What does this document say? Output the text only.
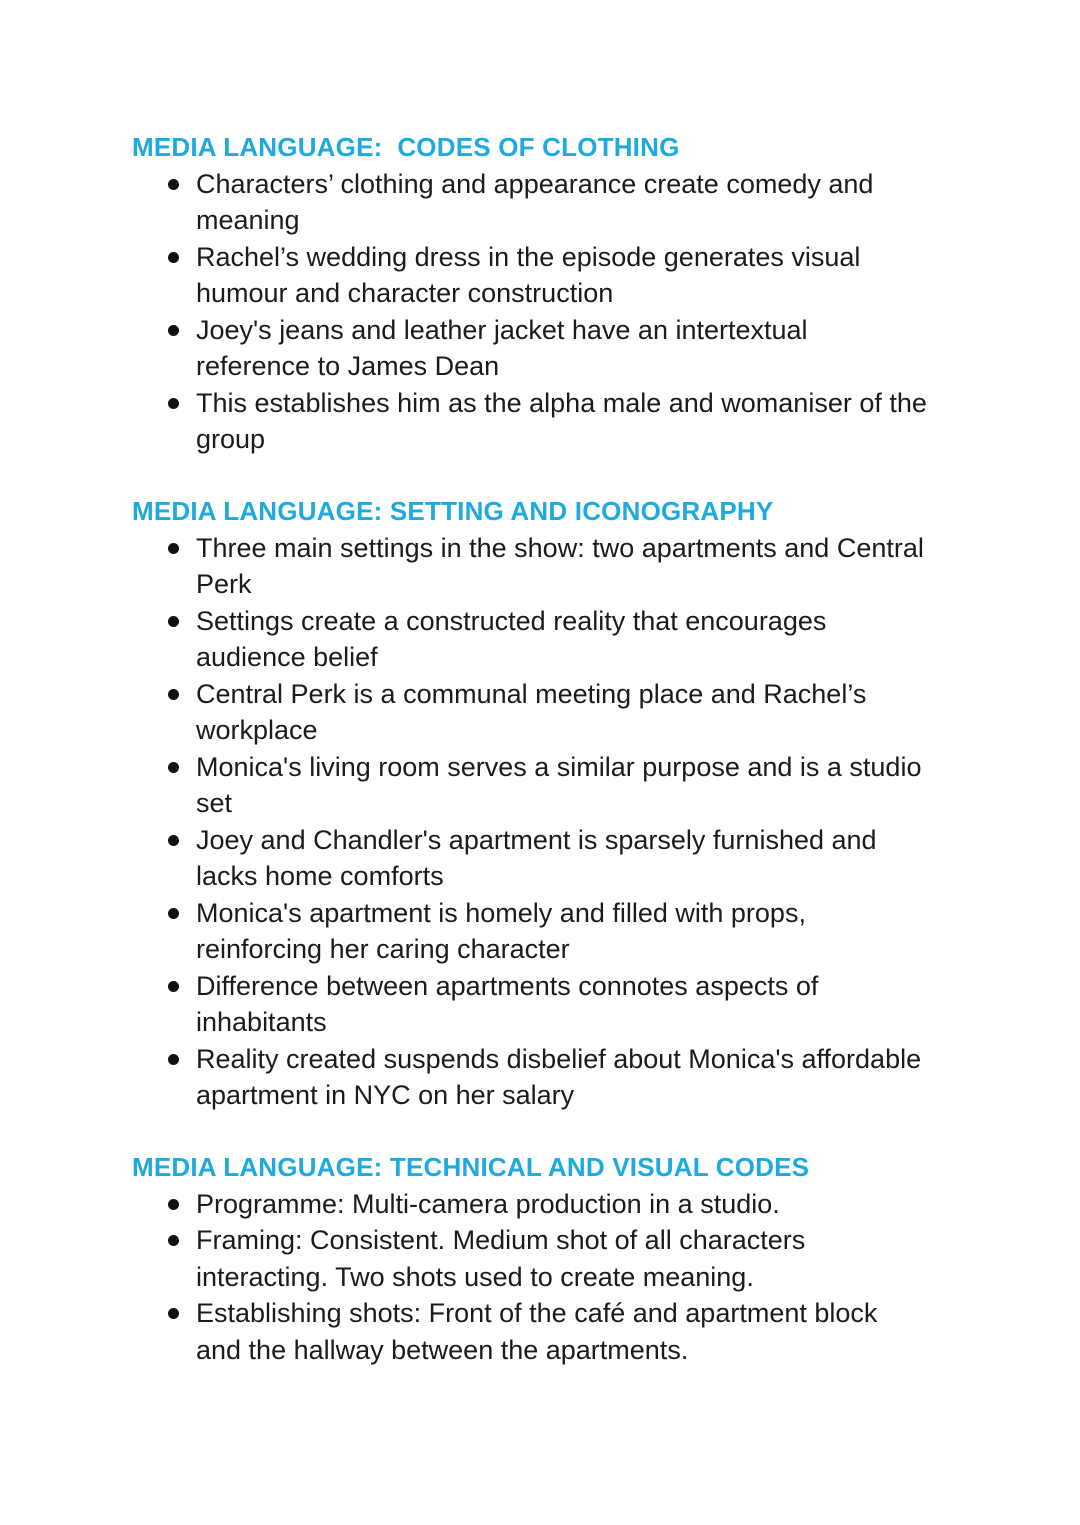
MEDIA LANGUAGE:  CODES OF CLOTHING
Characters’ clothing and appearance create comedy and
meaning
Rachel’s wedding dress in the episode generates visual
humour and character construction
Joey's jeans and leather jacket have an intertextual
reference to James Dean
This establishes him as the alpha male and womaniser of the
group
MEDIA LANGUAGE: SETTING AND ICONOGRAPHY
Three main settings in the show: two apartments and Central
Perk
Settings create a constructed reality that encourages
audience belief
Central Perk is a communal meeting place and Rachel’s
workplace
Monica's living room serves a similar purpose and is a studio
set
Joey and Chandler's apartment is sparsely furnished and
lacks home comforts
Monica's apartment is homely and filled with props,
reinforcing her caring character
Difference between apartments connotes aspects of
inhabitants
Reality created suspends disbelief about Monica's affordable
apartment in NYC on her salary
MEDIA LANGUAGE: TECHNICAL AND VISUAL CODES
Programme: Multi-camera production in a studio.
Framing: Consistent. Medium shot of all characters
interacting. Two shots used to create meaning.
Establishing shots: Front of the café and apartment block
and the hallway between the apartments.
